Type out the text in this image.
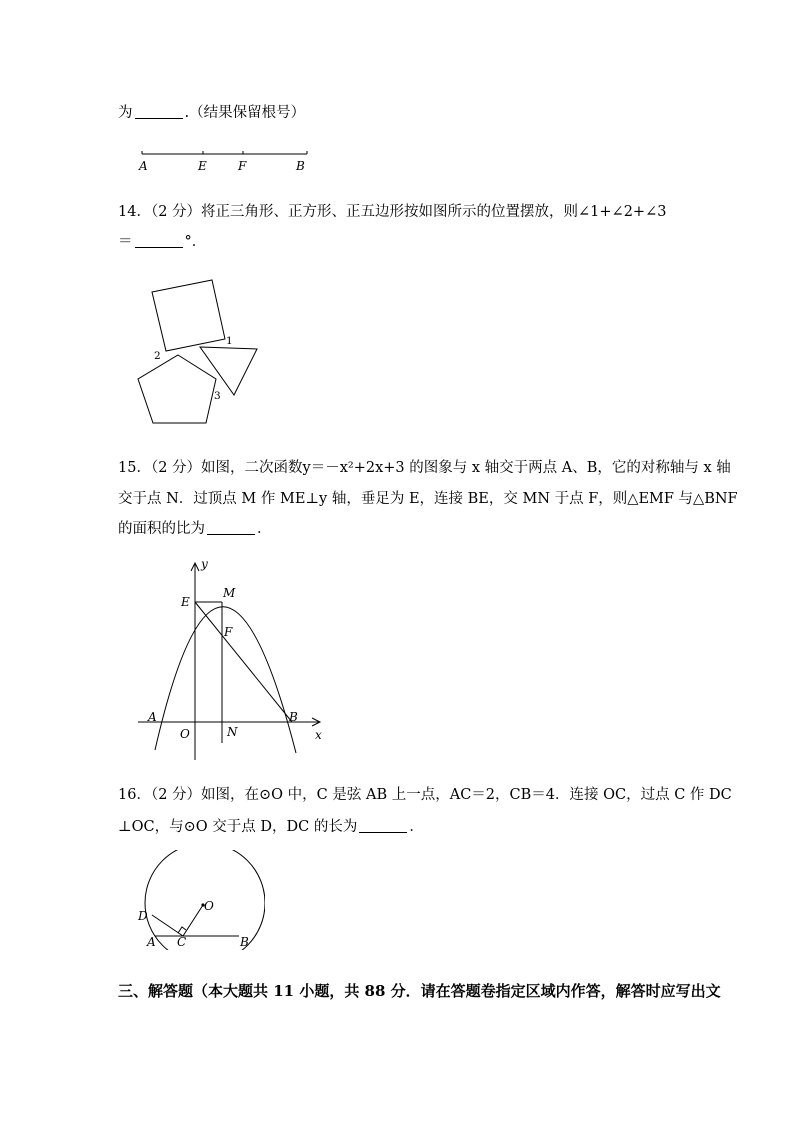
为	.（结果保留根号）
A	E	F	B
14．（2 分）将正三角形、正方形、正五边形按如图所示的位置摆放，则∠1+∠2+∠3
＝	°．
1
2
3
15．（2 分）如图，二次函数y＝－x²+2x+3 的图象与 x 轴交于两点 A、B，它的对称轴与 x 轴
交于点 N．过顶点 M 作 ME⊥y 轴，垂足为 E，连接 BE，交 MN 于点 F，则△EMF 与△BNF
的面积的比为	．
y
x
E
M
F
A
O	N
B
16．（2 分）如图，在⊙O 中，C 是弦 AB 上一点，AC＝2，CB＝4．连接 OC，过点 C 作 DC
⊥OC，与⊙O 交于点 D，DC 的长为	．
O
D
A C	B
三、解答题（本大题共 11 小题，共 88 分．请在答题卷指定区域内作答，解答时应写出文
